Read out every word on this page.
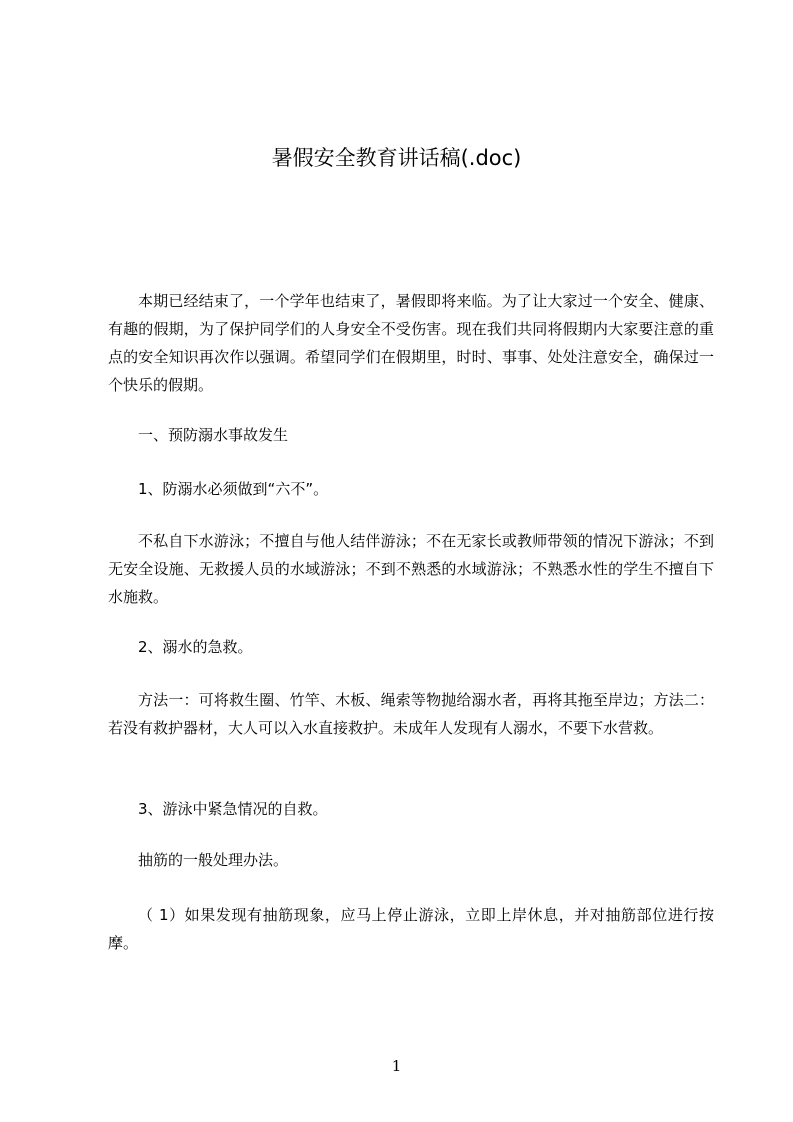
暑假安全教育讲话稿(.doc)

本期已经结束了，一个学年也结束了，暑假即将来临。为了让大家过一个安全、健康、有趣的假期，为了保护同学们的人身安全不受伤害。现在我们共同将假期内大家要注意的重点的安全知识再次作以强调。希望同学们在假期里，时时、事事、处处注意安全，确保过一个快乐的假期。

一、预防溺水事故发生

1、防溺水必须做到“六不”。

不私自下水游泳；不擅自与他人结伴游泳；不在无家长或教师带领的情况下游泳；不到无安全设施、无救援人员的水域游泳；不到不熟悉的水域游泳；不熟悉水性的学生不擅自下水施救。

2、溺水的急救。

方法一：可将救生圈、竹竿、木板、绳索等物抛给溺水者，再将其拖至岸边；方法二：若没有救护器材，大人可以入水直接救护。未成年人发现有人溺水，不要下水营救。

3、游泳中紧急情况的自救。

抽筋的一般处理办法。

（ 1）如果发现有抽筋现象，应马上停止游泳，立即上岸休息，并对抽筋部位进行按摩。

1
